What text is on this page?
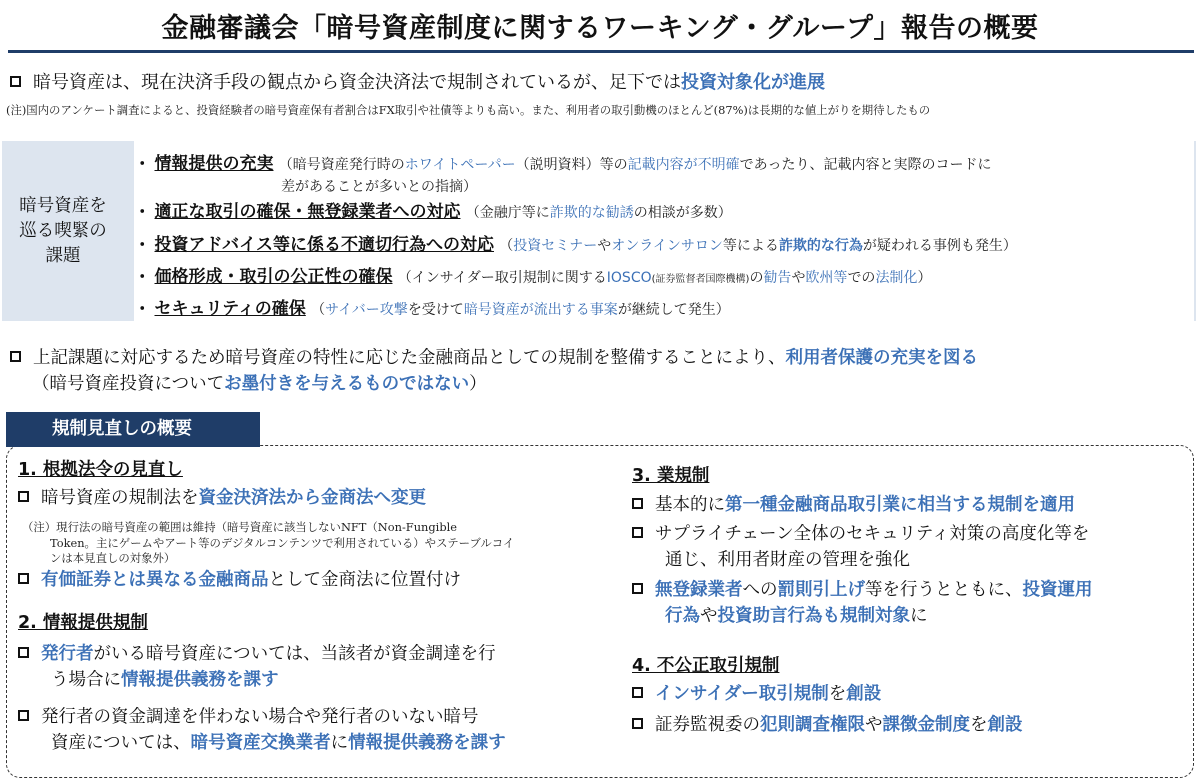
金融審議会「暗号資産制度に関するワーキング・グループ」報告の概要
暗号資産は、現在決済手段の観点から資金決済法で規制されているが、足下では投資対象化が進展
(注)国内のアンケート調査によると、投資経験者の暗号資産保有者割合はFX取引や社債等よりも高い。また、利用者の取引動機のほとんど(87%)は長期的な値上がりを期待したもの
暗号資産を
巡る喫緊の
課題
・ 情報提供の充実 （暗号資産発行時のホワイトペーパー（説明資料）等の記載内容が不明確であったり、記載内容と実際のコードに
差があることが多いとの指摘）
・ 適正な取引の確保・無登録業者への対応 （金融庁等に詐欺的な勧誘の相談が多数）
・ 投資アドバイス等に係る不適切行為への対応 （投資セミナーやオンラインサロン等による詐欺的な行為が疑われる事例も発生）
・ 価格形成・取引の公正性の確保 （インサイダー取引規制に関するIOSCO(証券監督者国際機構)の勧告や欧州等での法制化）
・ セキュリティの確保 （サイバー攻撃を受けて暗号資産が流出する事案が継続して発生）
上記課題に対応するため暗号資産の特性に応じた金融商品としての規制を整備することにより、利用者保護の充実を図る
（暗号資産投資についてお墨付きを与えるものではない）
規制見直しの概要
1. 根拠法令の見直し
暗号資産の規制法を資金決済法から金商法へ変更
（注）現行法の暗号資産の範囲は維持（暗号資産に該当しないNFT（Non-Fungible
Token。主にゲームやアート等のデジタルコンテンツで利用されている）やステーブルコイ
ンは本見直しの対象外）
有価証券とは異なる金融商品として金商法に位置付け
2. 情報提供規制
発行者がいる暗号資産については、当該者が資金調達を行
う場合に情報提供義務を課す
発行者の資金調達を伴わない場合や発行者のいない暗号
資産については、暗号資産交換業者に情報提供義務を課す
3. 業規制
基本的に第一種金融商品取引業に相当する規制を適用
サプライチェーン全体のセキュリティ対策の高度化等を
通じ、利用者財産の管理を強化
無登録業者への罰則引上げ等を行うとともに、投資運用
行為や投資助言行為も規制対象に
4. 不公正取引規制
インサイダー取引規制を創設
証券監視委の犯則調査権限や課徴金制度を創設
